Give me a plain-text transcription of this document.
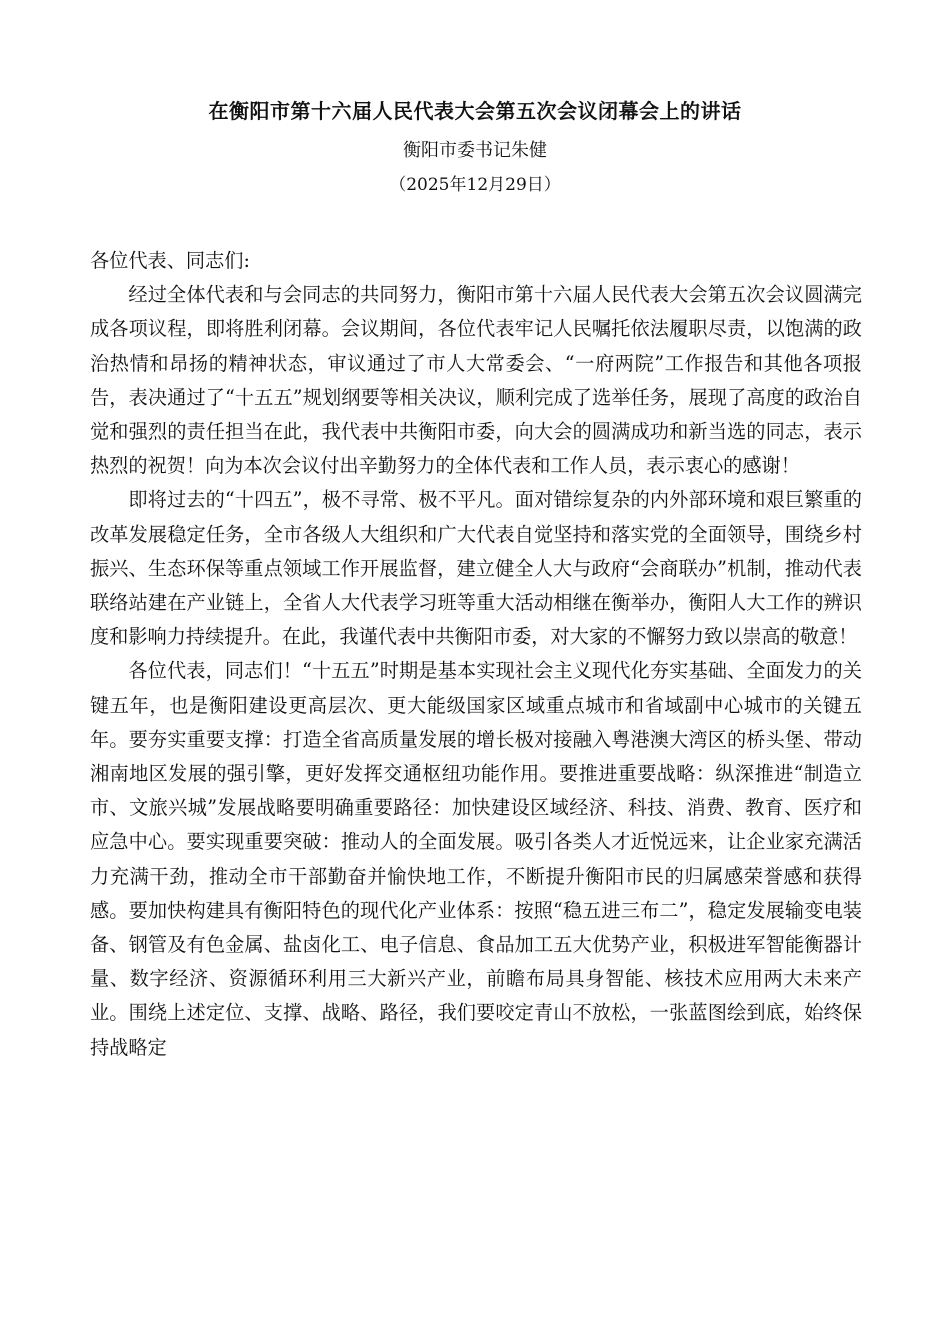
在衡阳市第十六届人民代表大会第五次会议闭幕会上的讲话
衡阳市委书记朱健
（2025年12月29日）

各位代表、同志们:

经过全体代表和与会同志的共同努力，衡阳市第十六届人民代表大会第五次会议圆满完成各项议程，即将胜利闭幕。会议期间，各位代表牢记人民嘱托依法履职尽责，以饱满的政治热情和昂扬的精神状态，审议通过了市人大常委会、“一府两院”工作报告和其他各项报告，表决通过了“十五五”规划纲要等相关决议，顺利完成了选举任务，展现了高度的政治自觉和强烈的责任担当在此，我代表中共衡阳市委，向大会的圆满成功和新当选的同志，表示热烈的祝贺！向为本次会议付出辛勤努力的全体代表和工作人员，表示衷心的感谢！

即将过去的“十四五”，极不寻常、极不平凡。面对错综复杂的内外部环境和艰巨繁重的改革发展稳定任务，全市各级人大组织和广大代表自觉坚持和落实党的全面领导，围绕乡村振兴、生态环保等重点领域工作开展监督，建立健全人大与政府“会商联办”机制，推动代表联络站建在产业链上，全省人大代表学习班等重大活动相继在衡举办，衡阳人大工作的辨识度和影响力持续提升。在此，我谨代表中共衡阳市委，对大家的不懈努力致以崇高的敬意！

各位代表，同志们！“十五五”时期是基本实现社会主义现代化夯实基础、全面发力的关键五年，也是衡阳建设更高层次、更大能级国家区域重点城市和省域副中心城市的关键五年。要夯实重要支撑：打造全省高质量发展的增长极对接融入粤港澳大湾区的桥头堡、带动湘南地区发展的强引擎，更好发挥交通枢纽功能作用。要推进重要战略：纵深推进“制造立市、文旅兴城”发展战略要明确重要路径：加快建设区域经济、科技、消费、教育、医疗和应急中心。要实现重要突破：推动人的全面发展。吸引各类人才近悦远来，让企业家充满活力充满干劲，推动全市干部勤奋并愉快地工作，不断提升衡阳市民的归属感荣誉感和获得感。要加快构建具有衡阳特色的现代化产业体系：按照“稳五进三布二”，稳定发展输变电装备、钢管及有色金属、盐卤化工、电子信息、食品加工五大优势产业，积极进军智能衡器计量、数字经济、资源循环利用三大新兴产业，前瞻布局具身智能、核技术应用两大未来产业。围绕上述定位、支撑、战略、路径，我们要咬定青山不放松，一张蓝图绘到底，始终保持战略定
